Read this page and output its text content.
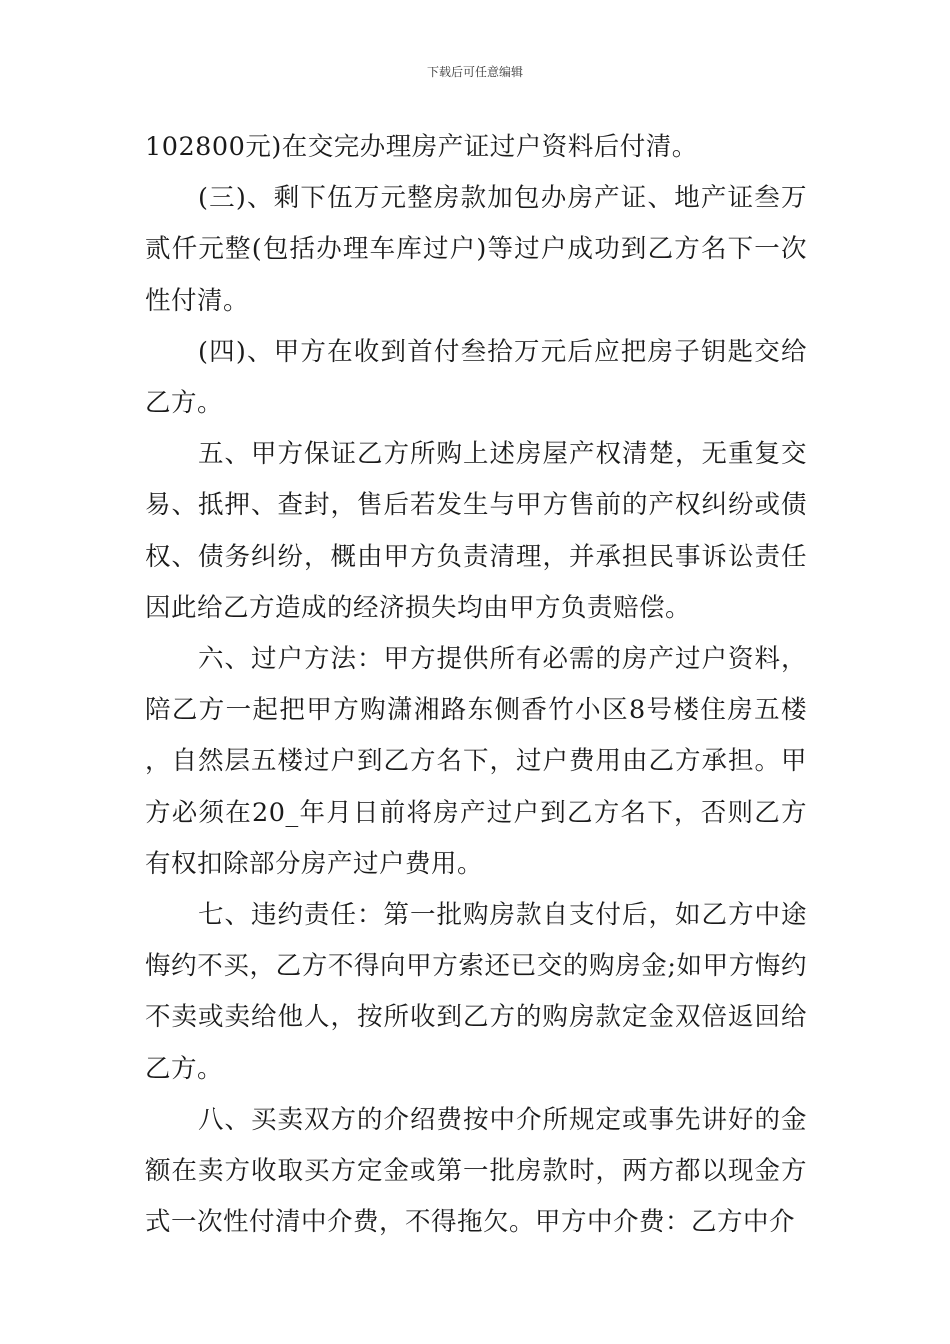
下载后可任意编辑

102800元)在交完办理房产证过户资料后付清。

(三)、剩下伍万元整房款加包办房产证、地产证叁万贰仟元整(包括办理车库过户)等过户成功到乙方名下一次性付清。

(四)、甲方在收到首付叁拾万元后应把房子钥匙交给乙方。

五、甲方保证乙方所购上述房屋产权清楚，无重复交易、抵押、查封，售后若发生与甲方售前的产权纠纷或债权、债务纠纷，概由甲方负责清理，并承担民事诉讼责任因此给乙方造成的经济损失均由甲方负责赔偿。

六、过户方法：甲方提供所有必需的房产过户资料，陪乙方一起把甲方购潇湘路东侧香竹小区8号楼住房五楼，自然层五楼过户到乙方名下，过户费用由乙方承担。甲方必须在20_年月日前将房产过户到乙方名下，否则乙方有权扣除部分房产过户费用。

七、违约责任：第一批购房款自支付后，如乙方中途悔约不买，乙方不得向甲方索还已交的购房金;如甲方悔约不卖或卖给他人，按所收到乙方的购房款定金双倍返回给乙方。

八、买卖双方的介绍费按中介所规定或事先讲好的金额在卖方收取买方定金或第一批房款时，两方都以现金方式一次性付清中介费，不得拖欠。甲方中介费：乙方中介
